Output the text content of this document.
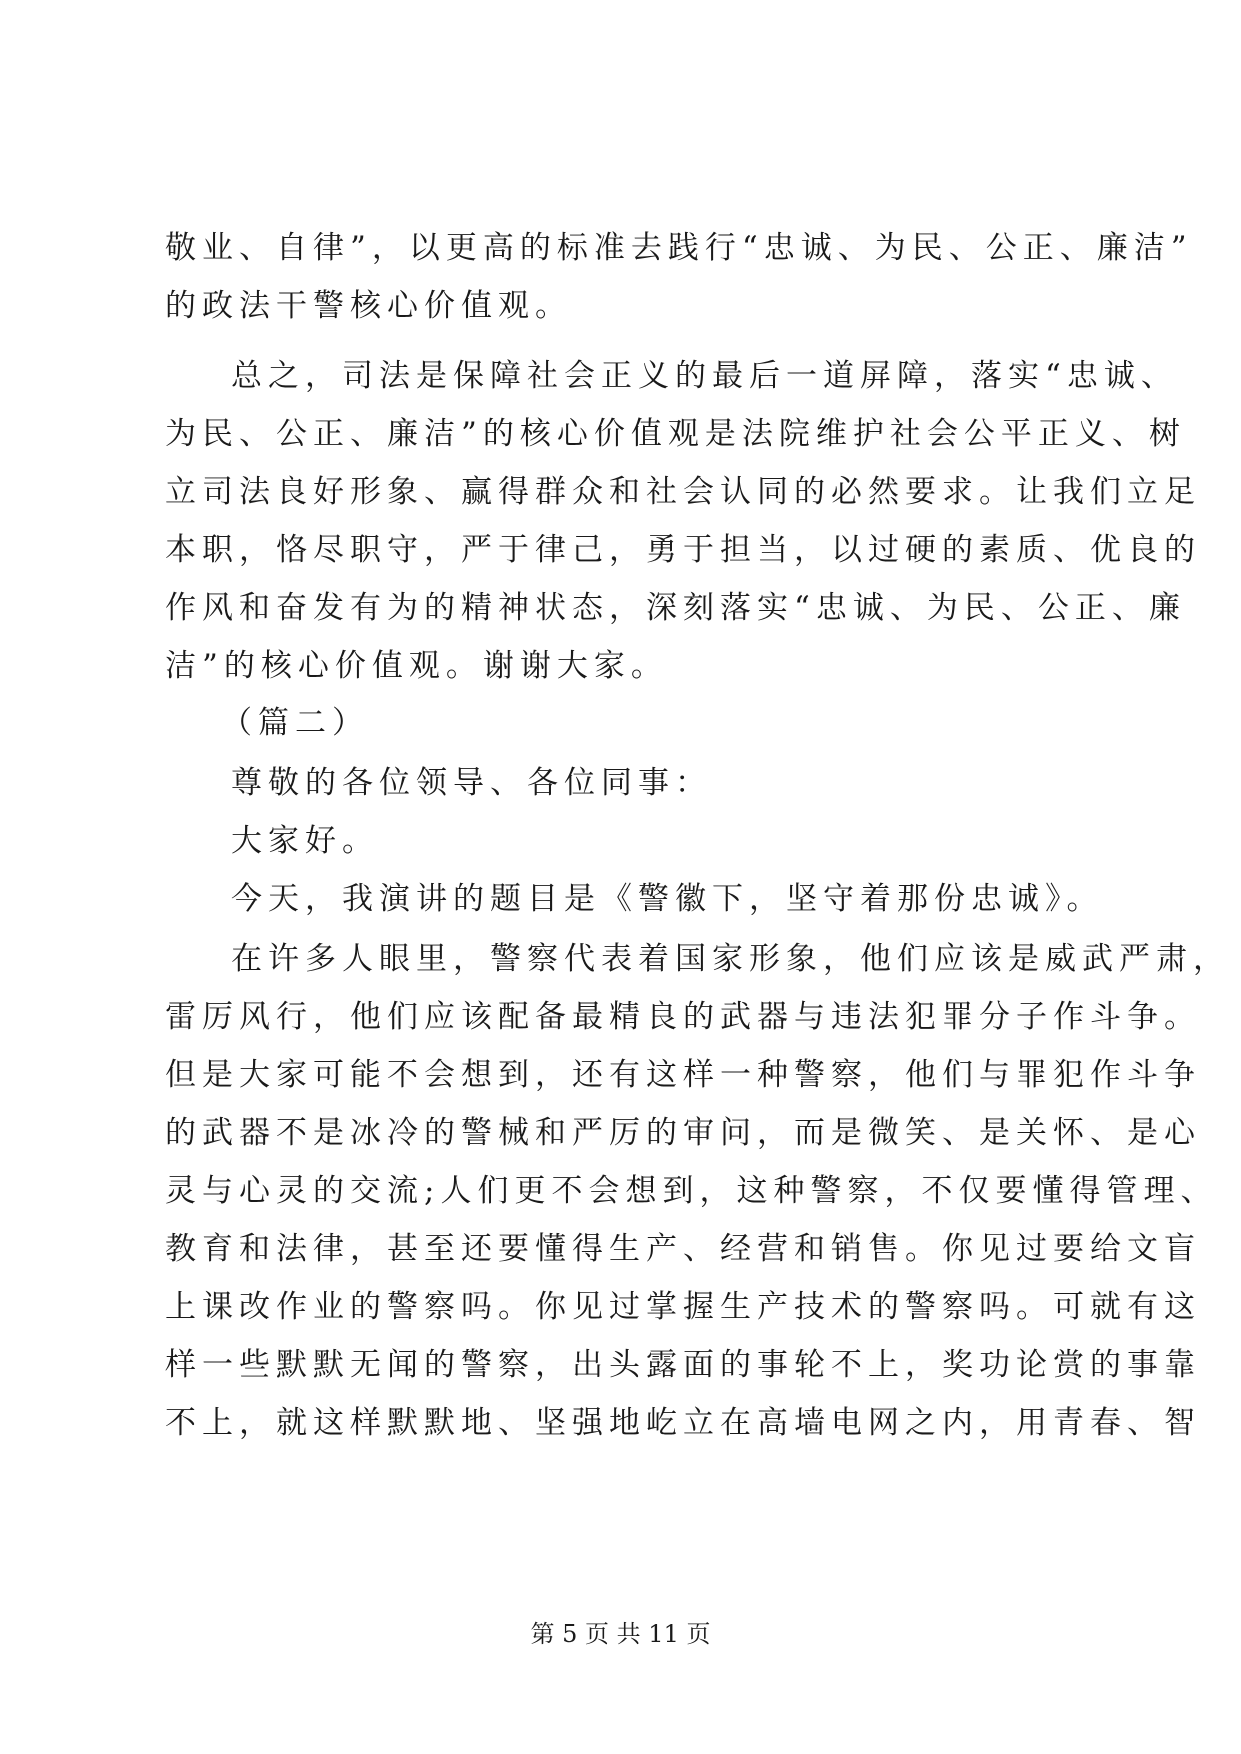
敬业、自律”，以更高的标准去践行“忠诚、为民、公正、廉洁”
的政法干警核心价值观。
总之，司法是保障社会正义的最后一道屏障，落实“忠诚、
为民、公正、廉洁”的核心价值观是法院维护社会公平正义、树
立司法良好形象、赢得群众和社会认同的必然要求。让我们立足
本职，恪尽职守，严于律己，勇于担当，以过硬的素质、优良的
作风和奋发有为的精神状态，深刻落实“忠诚、为民、公正、廉
洁”的核心价值观。谢谢大家。
（篇二）
尊敬的各位领导、各位同事：
大家好。
今天，我演讲的题目是《警徽下，坚守着那份忠诚》。
在许多人眼里，警察代表着国家形象，他们应该是威武严肃，
雷厉风行，他们应该配备最精良的武器与违法犯罪分子作斗争。
但是大家可能不会想到，还有这样一种警察，他们与罪犯作斗争
的武器不是冰冷的警械和严厉的审问，而是微笑、是关怀、是心
灵与心灵的交流;人们更不会想到，这种警察，不仅要懂得管理、
教育和法律，甚至还要懂得生产、经营和销售。你见过要给文盲
上课改作业的警察吗。你见过掌握生产技术的警察吗。可就有这
样一些默默无闻的警察，出头露面的事轮不上，奖功论赏的事靠
不上，就这样默默地、坚强地屹立在高墙电网之内，用青春、智
第 5 页 共 11 页
